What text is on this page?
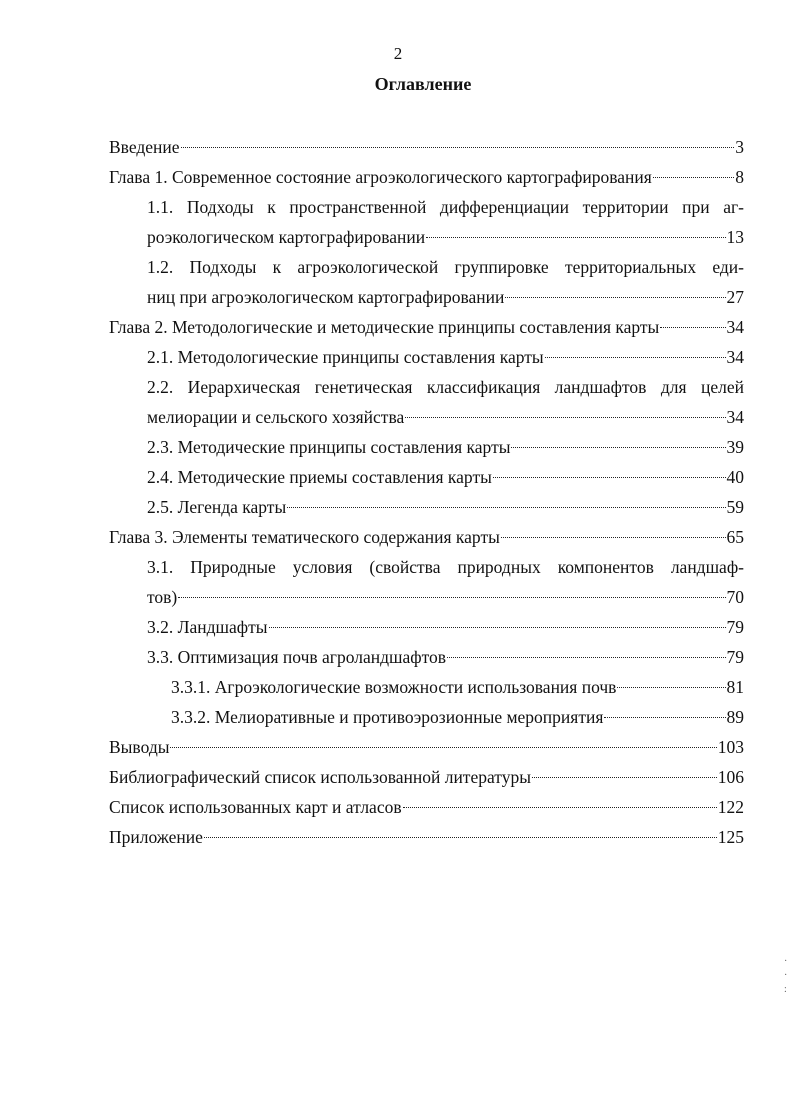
2
Оглавление
Введение	3
Глава 1. Современное состояние агроэкологического картографирования	8
1.1. Подходы к пространственной дифференциации территории при аг-
роэкологическом картографировании	13
1.2. Подходы к агроэкологической группировке территориальных еди-
ниц при агроэкологическом картографировании	27
Глава 2. Методологические и методические принципы составления карты	34
2.1. Методологические принципы составления карты	34
2.2. Иерархическая генетическая классификация ландшафтов для целей
мелиорации и сельского хозяйства	34
2.3. Методические принципы составления карты	39
2.4. Методические приемы составления карты	40
2.5. Легенда карты	59
Глава 3. Элементы тематического содержания карты	65
3.1. Природные условия (свойства природных компонентов ландшаф-
тов)	70
3.2. Ландшафты	79
3.3. Оптимизация почв агроландшафтов	79
3.3.1. Агроэкологические возможности использования почв	81
3.3.2. Мелиоративные и противоэрозионные мероприятия	89
Выводы	103
Библиографический список использованной литературы	106
Список использованных карт и атласов	122
Приложение	125
·
·
:
